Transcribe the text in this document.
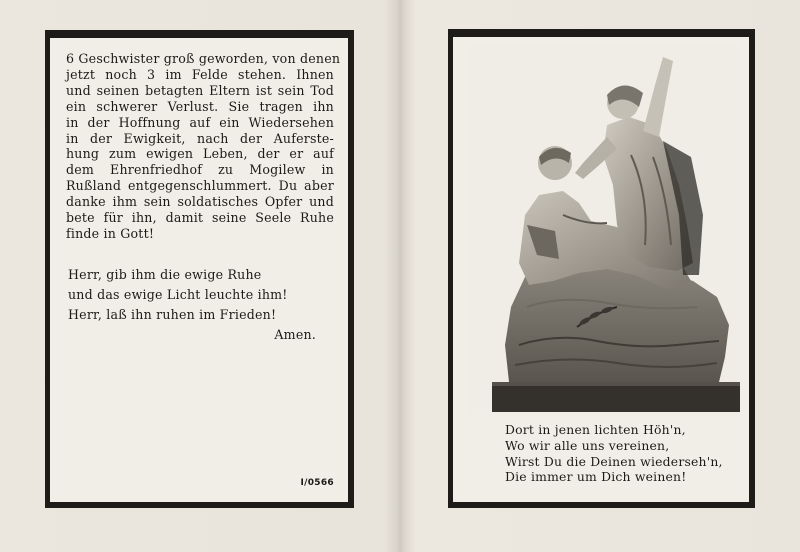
6 Geschwister groß geworden, von denen
jetzt noch 3 im Felde stehen. Ihnen
und seinen betagten Eltern ist sein Tod
ein schwerer Verlust. Sie tragen ihn
in der Hoffnung auf ein Wiedersehen
in der Ewigkeit, nach der Auferste-
hung zum ewigen Leben, der er auf
dem Ehrenfriedhof zu Mogilew in
Rußland entgegenschlummert. Du aber
danke ihm sein soldatisches Opfer und
bete für ihn, damit seine Seele Ruhe
finde in Gott!

Herr, gib ihm die ewige Ruhe
und das ewige Licht leuchte ihm!
Herr, laß ihn ruhen im Frieden!
Amen.

I/0566

Dort in jenen lichten Höh'n,
Wo wir alle uns vereinen,
Wirst Du die Deinen wiederseh'n,
Die immer um Dich weinen!
